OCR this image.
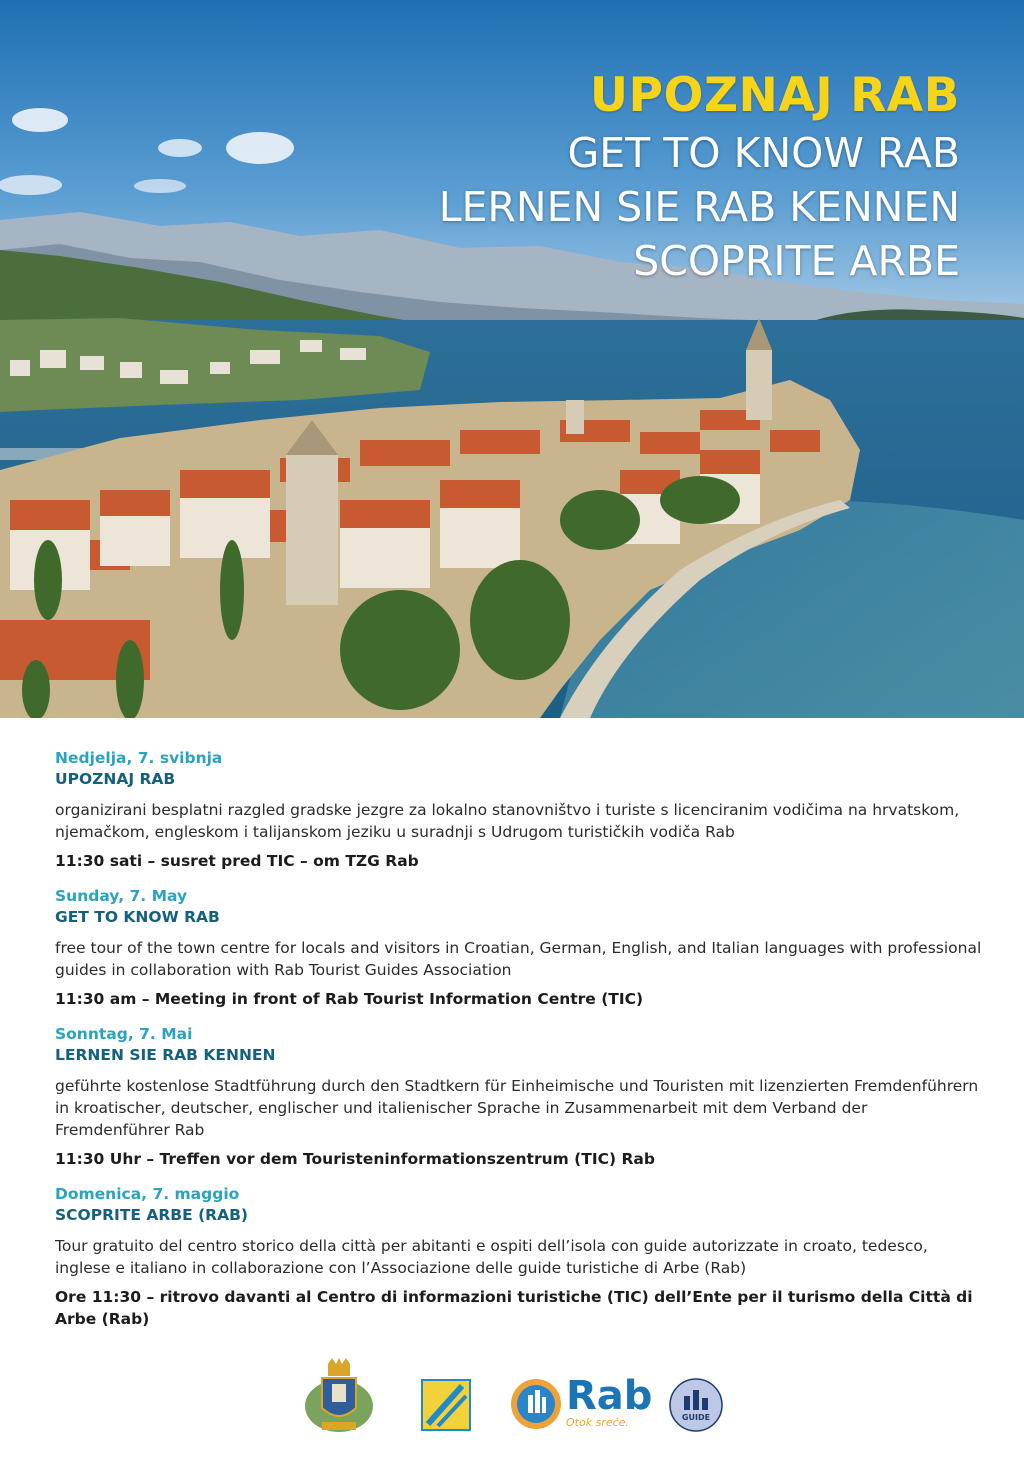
UPOZNAJ RAB
GET TO KNOW RAB
LERNEN SIE RAB KENNEN
SCOPRITE ARBE
Nedjelja, 7. svibnja
UPOZNAJ RAB
organizirani besplatni razgled gradske jezgre za lokalno stanovništvo i turiste s licenciranim vodičima na hrvatskom, njemačkom, engleskom i talijanskom jeziku u suradnji s Udrugom turističkih vodiča Rab
11:30 sati – susret pred TIC – om TZG Rab
Sunday, 7. May
GET TO KNOW RAB
free tour of the town centre for locals and visitors in Croatian, German, English, and Italian languages with professional guides in collaboration with Rab Tourist Guides Association
11:30 am – Meeting in front of Rab Tourist Information Centre (TIC)
Sonntag, 7. Mai
LERNEN SIE RAB KENNEN
geführte kostenlose Stadtführung durch den Stadtkern für Einheimische und Touristen mit lizenzierten Fremdenführern in kroatischer, deutscher, englischer und italienischer Sprache in Zusammenarbeit mit dem Verband der Fremdenführer Rab
11:30 Uhr – Treffen vor dem Touristeninformationszentrum (TIC) Rab
Domenica, 7. maggio
SCOPRITE ARBE (RAB)
Tour gratuito del centro storico della città per abitanti e ospiti dell’isola con guide autorizzate in croato, tedesco, inglese e italiano in collaborazione con l’Associazione delle guide turistiche di Arbe (Rab)
Ore 11:30 – ritrovo davanti al Centro di informazioni turistiche (TIC) dell’Ente per il turismo della Città di Arbe (Rab)
Rab
Otok sreće.	GUIDE
